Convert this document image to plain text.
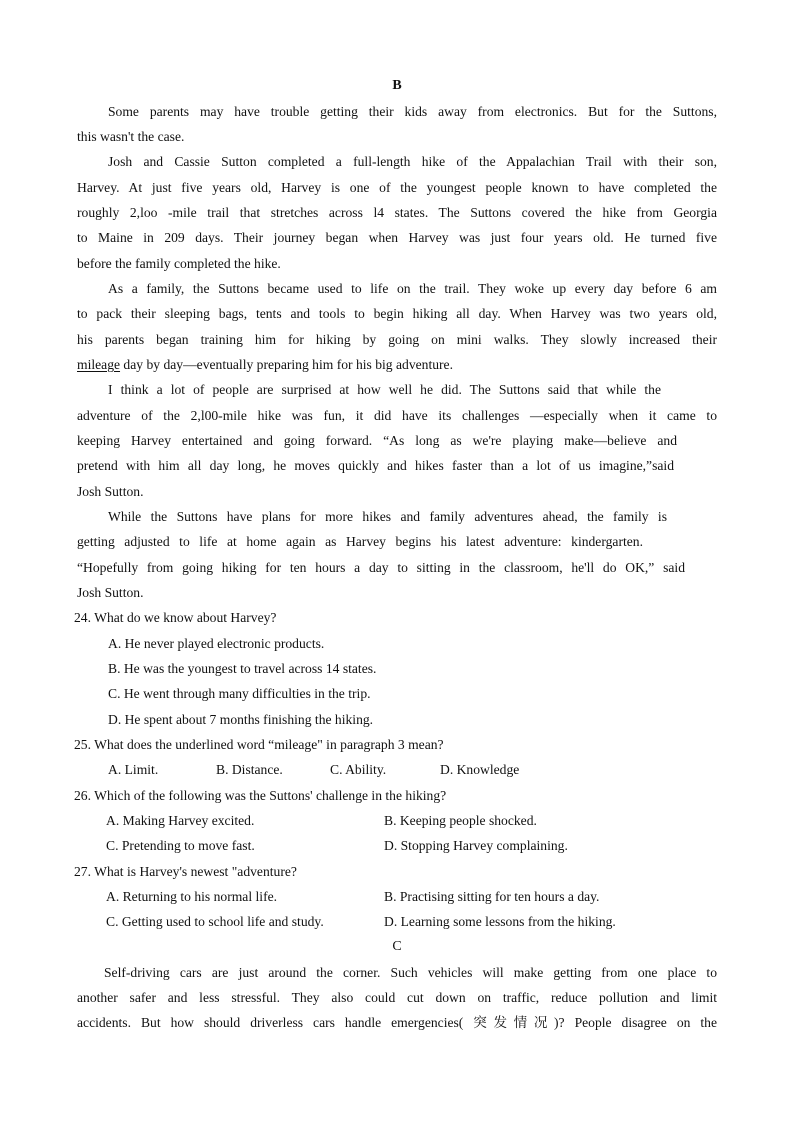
B
Some parents may have trouble getting their kids away from electronics. But for the Suttons,
this wasn't the case.
Josh and Cassie Sutton completed a full-length hike of the Appalachian Trail with their son,
Harvey. At just five years old, Harvey is one of the youngest people known to have completed the
roughly 2,loo -mile trail that stretches across l4 states. The Suttons covered the hike from Georgia
to Maine in 209 days. Their journey began when Harvey was just four years old. He turned five
before the family completed the hike.
As a family, the Suttons became used to life on the trail. They woke up every day before 6 am
to pack their sleeping bags, tents and tools to begin hiking all day. When Harvey was two years old,
his parents began training him for hiking by going on mini walks. They slowly increased their
mileage day by day—eventually preparing him for his big adventure.
I think a lot of people are surprised at how well he did. The Suttons said that while the
adventure of the 2,l00-mile hike was fun, it did have its challenges —especially when it came to
keeping Harvey entertained and going forward. “As long as we're playing make—believe and
pretend with him all day long, he moves quickly and hikes faster than a lot of us imagine,”said
Josh Sutton.
While the Suttons have plans for more hikes and family adventures ahead, the family is
getting adjusted to life at home again as Harvey begins his latest adventure: kindergarten.
“Hopefully from going hiking for ten hours a day to sitting in the classroom, he'll do OK,” said
Josh Sutton.
24. What do we know about Harvey?
A. He never played electronic products.
B. He was the youngest to travel across 14 states.
C. He went through many difficulties in the trip.
D. He spent about 7 months finishing the hiking.
25. What does the underlined word “mileage" in paragraph 3 mean?
A. Limit.	B. Distance.	C. Ability.	D. Knowledge
26. Which of the following was the Suttons' challenge in the hiking?
A. Making Harvey excited.	B. Keeping people shocked.
C. Pretending to move fast.	D. Stopping Harvey complaining.
27. What is Harvey's newest "adventure?
A. Returning to his normal life.	B. Practising sitting for ten hours a day.
C. Getting used to school life and study.	D. Learning some lessons from the hiking.
C
Self-driving cars are just around the corner. Such vehicles will make getting from one place to
another safer and less stressful. They also could cut down on traffic, reduce pollution and limit
accidents. But how should driverless cars handle emergencies( 突发情况)? People disagree on the
